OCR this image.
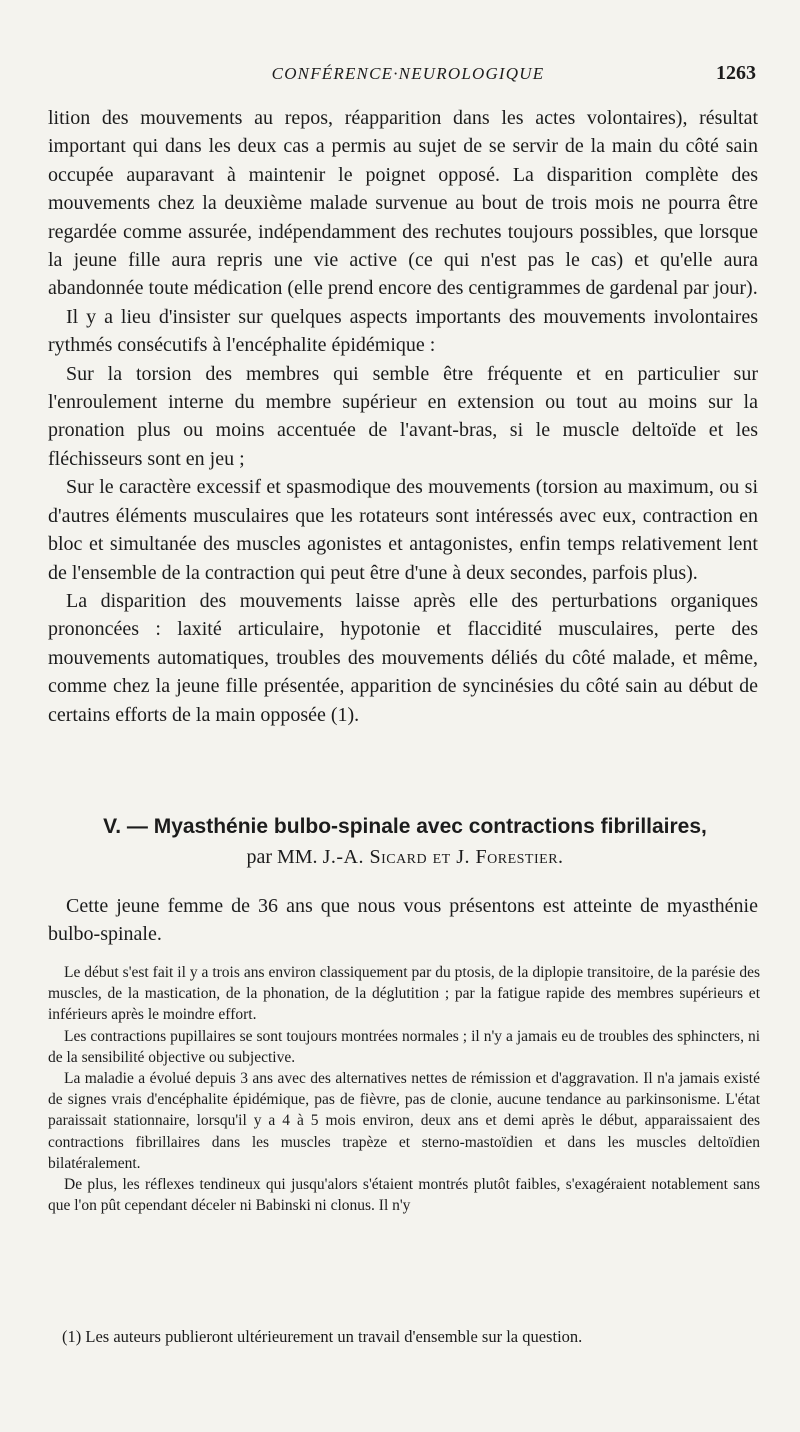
CONFÉRENCE·NEUROLOGIQUE	1263

lition des mouvements au repos, réapparition dans les actes volontaires), résultat important qui dans les deux cas a permis au sujet de se servir de la main du côté sain occupée auparavant à maintenir le poignet opposé. La disparition complète des mouvements chez la deuxième malade survenue au bout de trois mois ne pourra être regardée comme assurée, indépendamment des rechutes toujours possibles, que lorsque la jeune fille aura repris une vie active (ce qui n'est pas le cas) et qu'elle aura abandonnée toute médication (elle prend encore des centigrammes de gardenal par jour).

Il y a lieu d'insister sur quelques aspects importants des mouvements involontaires rythmés consécutifs à l'encéphalite épidémique :

Sur la torsion des membres qui semble être fréquente et en particulier sur l'enroulement interne du membre supérieur en extension ou tout au moins sur la pronation plus ou moins accentuée de l'avant-bras, si le muscle deltoïde et les fléchisseurs sont en jeu ;

Sur le caractère excessif et spasmodique des mouvements (torsion au maximum, ou si d'autres éléments musculaires que les rotateurs sont intéressés avec eux, contraction en bloc et simultanée des muscles agonistes et antagonistes, enfin temps relativement lent de l'ensemble de la contraction qui peut être d'une à deux secondes, parfois plus).

La disparition des mouvements laisse après elle des perturbations organiques prononcées : laxité articulaire, hypotonie et flaccidité musculaires, perte des mouvements automatiques, troubles des mouvements déliés du côté malade, et même, comme chez la jeune fille présentée, apparition de syncinésies du côté sain au début de certains efforts de la main opposée (1).

V. — Myasthénie bulbo-spinale avec contractions fibrillaires,
par MM. J.-A. Sicard et J. Forestier.

Cette jeune femme de 36 ans que nous vous présentons est atteinte de myasthénie bulbo-spinale.

Le début s'est fait il y a trois ans environ classiquement par du ptosis, de la diplopie transitoire, de la parésie des muscles, de la mastication, de la phonation, de la déglutition ; par la fatigue rapide des membres supérieurs et inférieurs après le moindre effort.

Les contractions pupillaires se sont toujours montrées normales ; il n'y a jamais eu de troubles des sphincters, ni de la sensibilité objective ou subjective.

La maladie a évolué depuis 3 ans avec des alternatives nettes de rémission et d'aggravation. Il n'a jamais existé de signes vrais d'encéphalite épidémique, pas de fièvre, pas de clonie, aucune tendance au parkinsonisme. L'état paraissait stationnaire, lorsqu'il y a 4 à 5 mois environ, deux ans et demi après le début, apparaissaient des contractions fibrillaires dans les muscles trapèze et sterno-mastoïdien et dans les muscles deltoïdien bilatéralement.

De plus, les réflexes tendineux qui jusqu'alors s'étaient montrés plutôt faibles, s'exagéraient notablement sans que l'on pût cependant déceler ni Babinski ni clonus. Il n'y

(1) Les auteurs publieront ultérieurement un travail d'ensemble sur la question.
